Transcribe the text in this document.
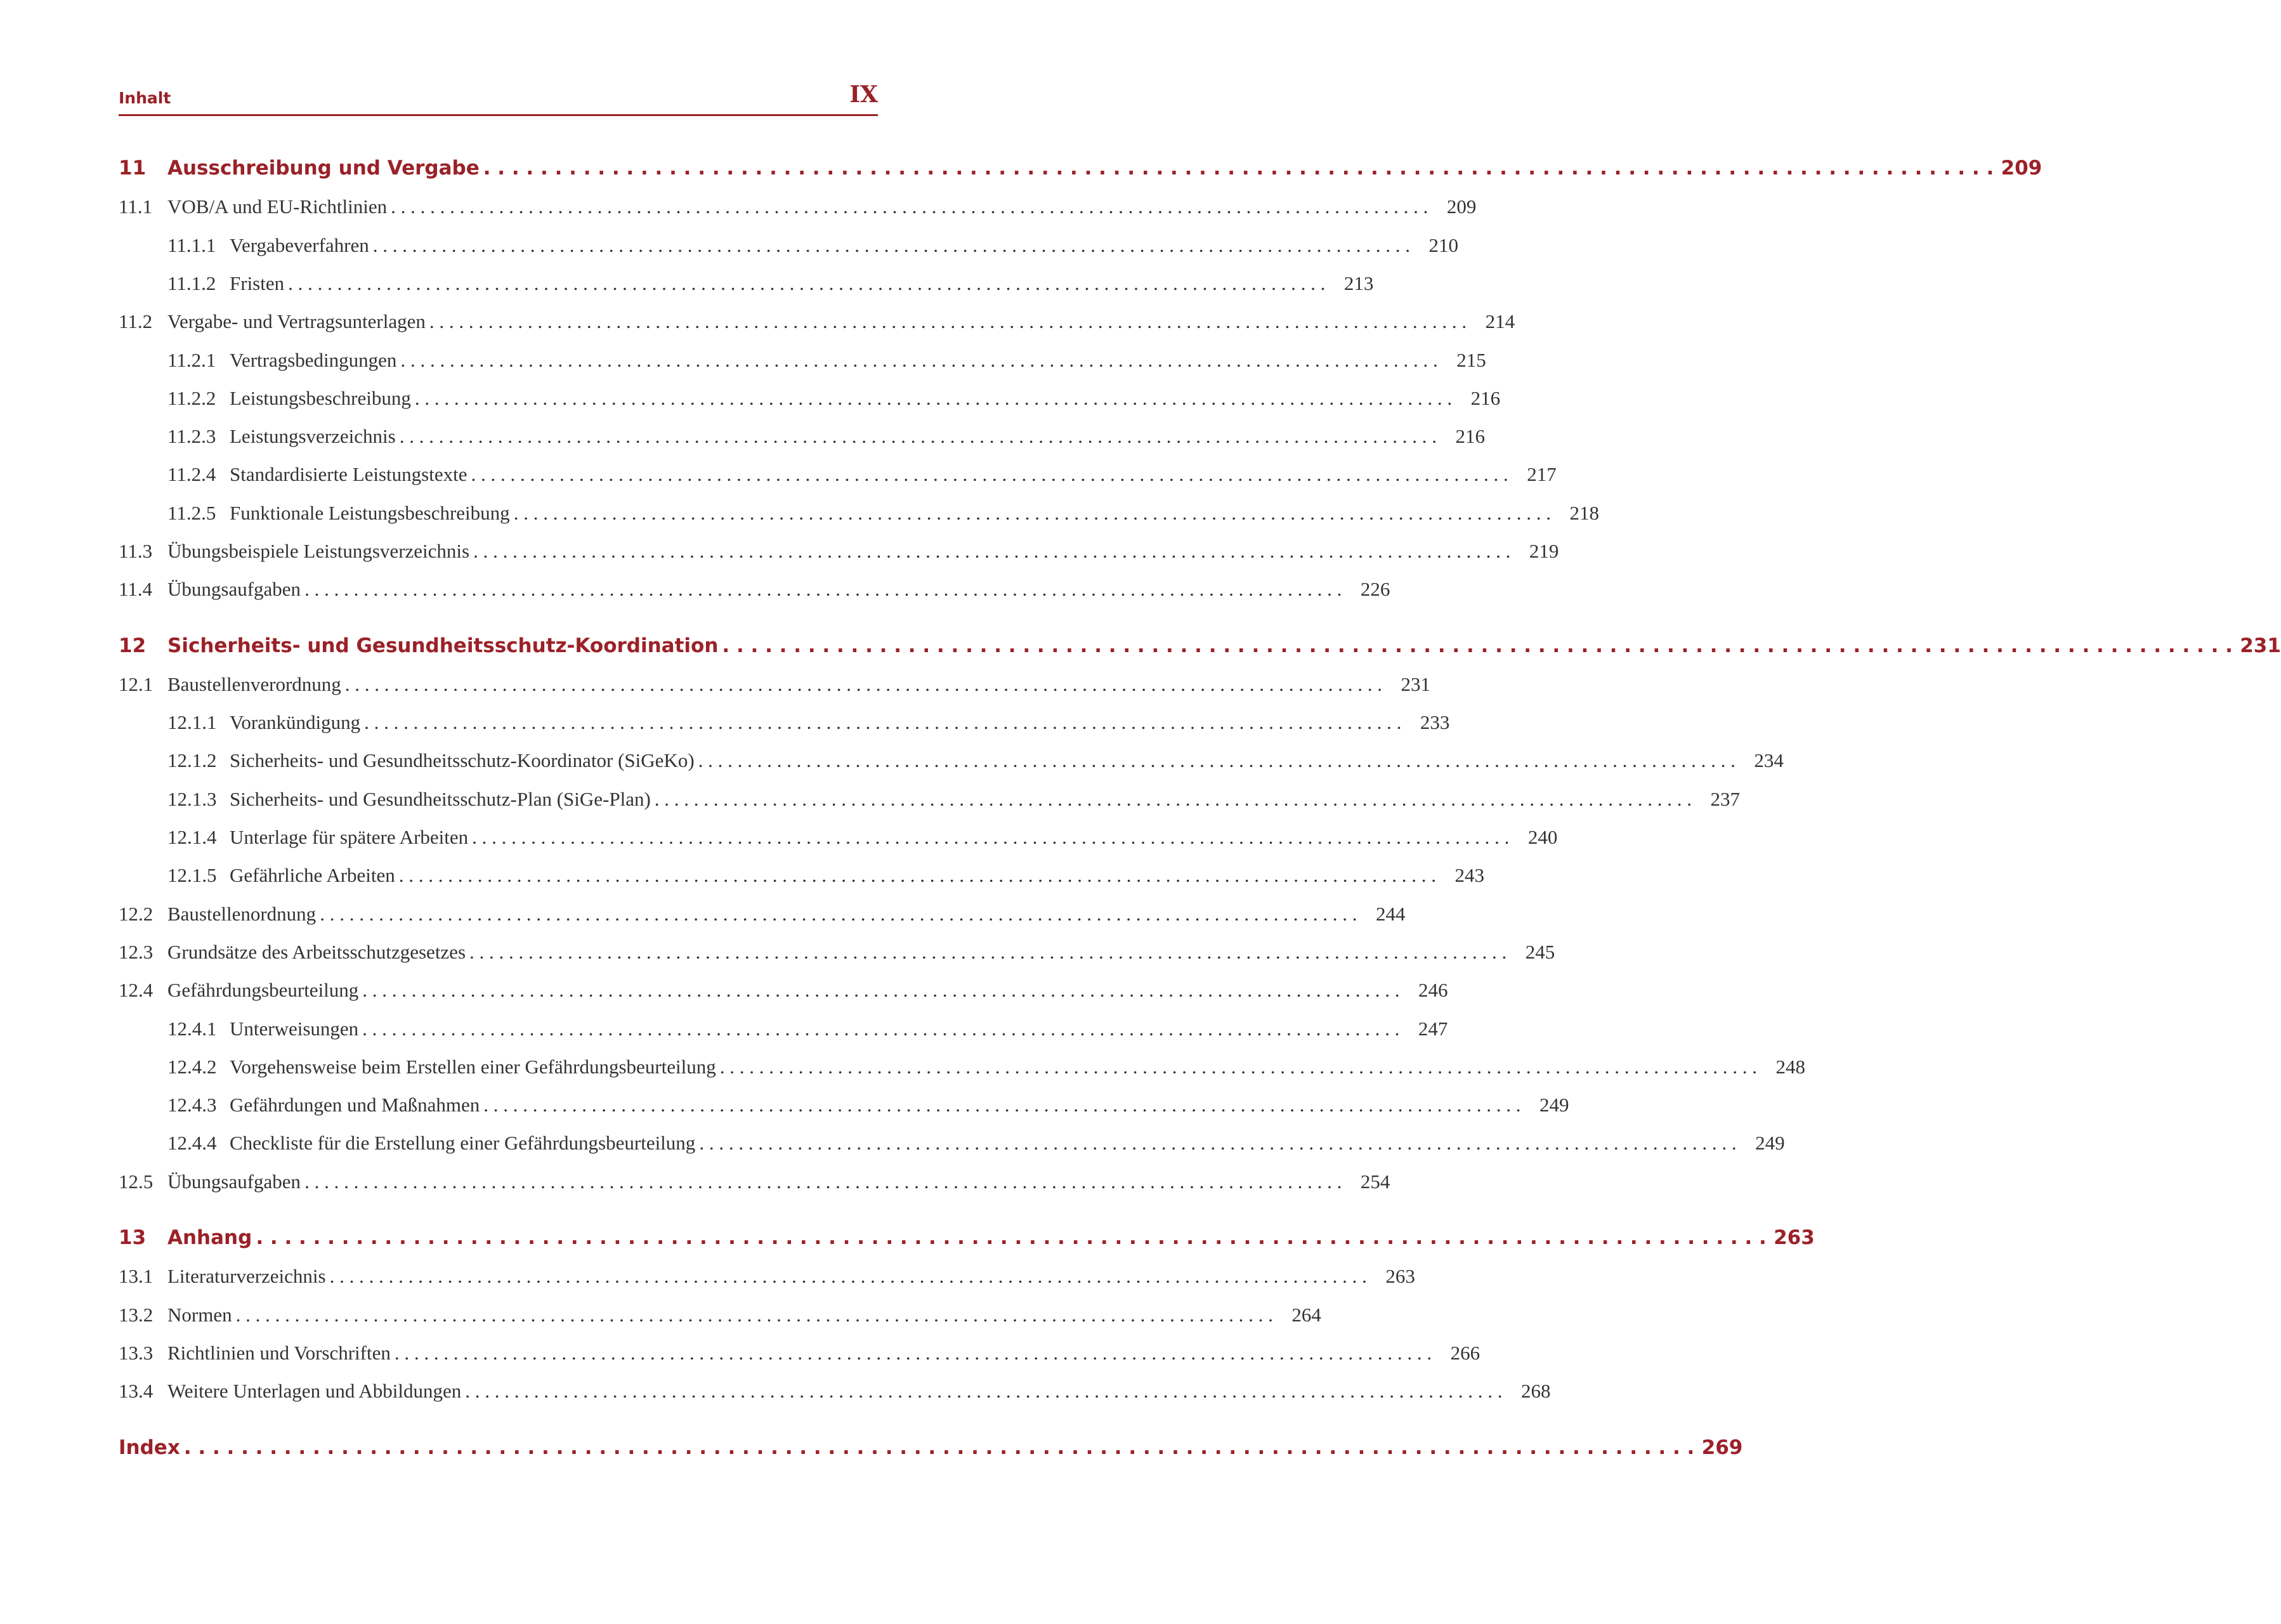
Inhalt	IX
11	Ausschreibung und Vergabe . . .	209
11.1 VOB/A und EU-Richtlinien . . .	209
11.1.1 Vergabeverfahren . . .	210
11.1.2 Fristen . . .	213
11.2 Vergabe- und Vertragsunterlagen . . .	214
11.2.1 Vertragsbedingungen . . .	215
11.2.2 Leistungsbeschreibung . . .	216
11.2.3 Leistungsverzeichnis . . .	216
11.2.4 Standardisierte Leistungstexte . . .	217
11.2.5 Funktionale Leistungsbeschreibung . . .	218
11.3 Übungsbeispiele Leistungsverzeichnis . . .	219
11.4 Übungsaufgaben . . .	226
12	Sicherheits- und Gesundheitsschutz-Koordination . . .	231
12.1 Baustellenverordnung . . .	231
12.1.1 Vorankündigung . . .	233
12.1.2 Sicherheits- und Gesundheitsschutz-Koordinator (SiGeKo) . . .	234
12.1.3 Sicherheits- und Gesundheitsschutz-Plan (SiGe-Plan) . . .	237
12.1.4 Unterlage für spätere Arbeiten . . .	240
12.1.5 Gefährliche Arbeiten . . .	243
12.2 Baustellenordnung . . .	244
12.3 Grundsätze des Arbeitsschutzgesetzes . . .	245
12.4 Gefährdungsbeurteilung . . .	246
12.4.1 Unterweisungen . . .	247
12.4.2 Vorgehensweise beim Erstellen einer Gefährdungsbeurteilung . . .	248
12.4.3 Gefährdungen und Maßnahmen . . .	249
12.4.4 Checkliste für die Erstellung einer Gefährdungsbeurteilung . . .	249
12.5 Übungsaufgaben . . .	254
13	Anhang . . .	263
13.1 Literaturverzeichnis . . .	263
13.2 Normen . . .	264
13.3 Richtlinien und Vorschriften . . .	266
13.4 Weitere Unterlagen und Abbildungen . . .	268
Index . . .	269
